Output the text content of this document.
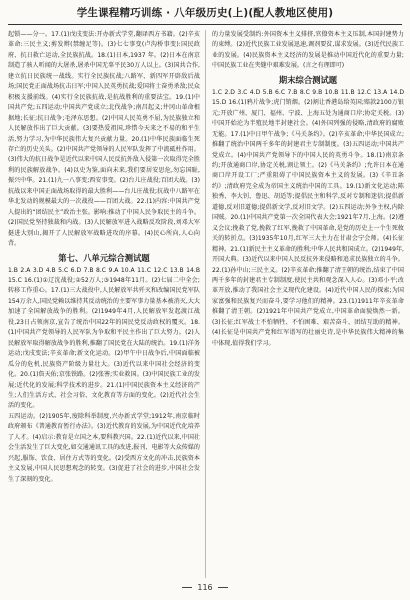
学生课程精巧训练 · 八年级历史(上)(配人教地区使用)

起锁——分一。17.(1)戊戌变法:开办新式学堂,翻译西方书籍。(2)辛亥革命:三民主义;剪发辫(禁缠足等)。(3)七七事变(卢沟桥事变):国民政府、抗日救亡运动,全民族抗战。18.(1)日本,1937 年。(2)日本在南京制造了骇人听闻的大屠杀,屠杀中国无辜平民30万人以上。(3)国共合作,建立抗日民族统一战线。实行全民族抗战;八路军、新四军开辟敌后战场;国民党正面战场抗击日军;中国人民英勇抗战;爱国将士奋勇杀敌;民众积极支援前线。(4)实行全民族抗战,是抗战胜利的重要法宝。19.(1)中国共产党;五四运动;中国共产党成立;北伐战争;南昌起义;井冈山革命根据地;长征;抗日战争;毛泽东思想。(2)中国人民英勇不屈,为民族独立和人民解放作出了巨大贡献。(3)要热爱祖国,珍惜今天来之不易的和平生活,努力学习,为中华民族伟大复兴贡献力量。20.(1)中华民族面临生死存亡的历史关头。(2)中国共产党领导的人民军队发挥了中流砥柱作用。(3)伟大的抗日战争是近代以来中国人民反抗外敌入侵第一次取得完全胜利的民族解放战争。(4)以史为鉴,面向未来,我们要居安思危,勿忘国耻,振兴中华。21.(1)九一八事变;西安事变。(2)台儿庄战役;百团大战。(3)抗战以来中国正面战场取得的最大胜利——台儿庄战役;抗战中八路军在华北发动的规模最大的一次战役——百团大战。22.(1)内容:中国共产党人提出的“团结民主”政治主张。影响:推动了中国人民争取民主的斗争。(2)国民党坚持独裁和内战。(3)人民解放军进入战略反攻阶段,刘邓大军挺进大别山,揭开了人民解放军战略进攻的序幕。(4)民心所向,人心向背。

第七、八单元综合测试题

1.B 2.A 3.D 4.B 5.C 6.D 7.B 8.C 9.A 10.A 11.C 12.C 13.B 14.B 15.C 16.(1)①辽沈战役;②52万人;③1948年11月。(2)七届二中全会;转移工作重心。17.(1)三大战役中,人民解放军共歼灭和改编国民党军队154万余人,国民党赖以维持其反动统治的主要军事力量基本被消灭,大大加速了全国解放战争的胜利。(2)1949年4月,人民解放军发起渡江战役,23日占领南京,宣告了统治中国22年的国民党反动政权的覆灭。18.(1)中国共产党领导的人民军队为争取和平民主作出了巨大努力。(2)人民解放军取得解放战争的胜利,推翻了国民党在大陆的统治。19.(1)洋务运动;戊戌变法;辛亥革命;新文化运动。(2)甲午中日战争后,中国面临被瓜分的危机,民族资产阶级力量壮大。(3)近代以来中国社会经济的变化。20.(1)詹天佑;京张铁路。(2)张謇;实业救国。(3)中国民族工业的发展;近代化的发展;科学技术的进步。21.(1)中国民族资本主义经济的产生;人们生活方式、社会习俗、文化教育等方面的变化。(2)近代社会生活的变化。

五四运动。(2)1905年,废除科举制度,兴办新式学堂;1912年,南京临时政府颁布《普通教育暂行办法》。(3)近代教育的发展,为中国近代化培养了人才。(4)启示:教育是立国之本,要科教兴国。22.(1)近代以来,中国社会生活发生了巨大变化,如交通通讯工具的改进,报刊、电影等大众传媒的兴起,服饰、饮食、居住方式等的变化。(2)受西方文化的冲击,民族资本主义发展,中国人民思想观念的转变。(3)促进了社会的进步,中国社会发生了深刻的变化。

的力量发展受制约:外国资本主义排挤,官僚资本主义压制,本国封建势力的束缚。(2)近代民族工业发展迅速,调剂要贫,谋求发展。(3)近代民族工业的发展。(4)民族资本主义经济的发展是推动中国近代化的重要力量;中国民族工业在夹缝中艰难发展。(言之有理即可)

期末综合测试题

1.C 2.D 3.C 4.D 5.B 6.C 7.B 8.C 9.B 10.B 11.B 12.C 13.A 14.D 15.D 16.(1)鸦片战争;虎门销烟。(2)割让香港岛给英国;赔款2100万银元;开放广州、厦门、福州、宁波、上海五处为通商口岸;协定关税。(3)中国开始沦为半殖民地半封建社会。(4)外国列强的侵略,清政府的腐败无能。17.(1)中日甲午战争;《马关条约》。(2)辛亥革命;中华民国成立;推翻了统治中国两千多年的封建君主专制制度。(3)五四运动;中国共产党成立。(4)中国共产党领导下的中国人民的英勇斗争。18.(1)南京条约;开放通商口岸,协定关税,割让领土。(2)《马关条约》;允许日本在通商口岸开设工厂;严重阻碍了中国民族资本主义的发展。(3)《辛丑条约》;清政府完全成为帝国主义统治中国的工具。19.(1)新文化运动;陈独秀、李大钊、鲁迅、胡适等;提倡民主和科学,反对专制和迷信;提倡新道德,反对旧道德;提倡新文学,反对旧文学。(2)五四运动;外争主权,内除国贼。20.(1)中国共产党第一次全国代表大会;1921年7月,上海。(2)遵义会议;挽救了党,挽救了红军,挽救了中国革命,是党的历史上一个生死攸关的转折点。(3)1935年10月,红军三大主力在甘肃会宁会师。(4)长征精神。21.(1)新民主主义革命的胜利;中华人民共和国成立。(2)1949年,开国大典。(3)近代以来中国人民反抗外来侵略和追求民族独立的斗争。22.(1)孙中山;三民主义。(2)辛亥革命;推翻了清王朝的统治,结束了中国两千多年的封建君主专制制度,使民主共和观念深入人心。(3)邓小平;改革开放,推动了我国社会主义现代化建设。(4)近代中国人民的探索;为国家富强和民族复兴而奋斗,要学习他们的精神。23.(1)1911年辛亥革命推翻了清王朝。(2)1921年中国共产党成立,中国革命面貌焕然一新。(3)长征;红军战士不怕牺牲、不怕困难、艰苦奋斗、团结互助的精神。(4)长征是中国共产党和红军谱写的壮丽史诗,是中华民族伟大精神的集中体现,值得我们学习。

116
